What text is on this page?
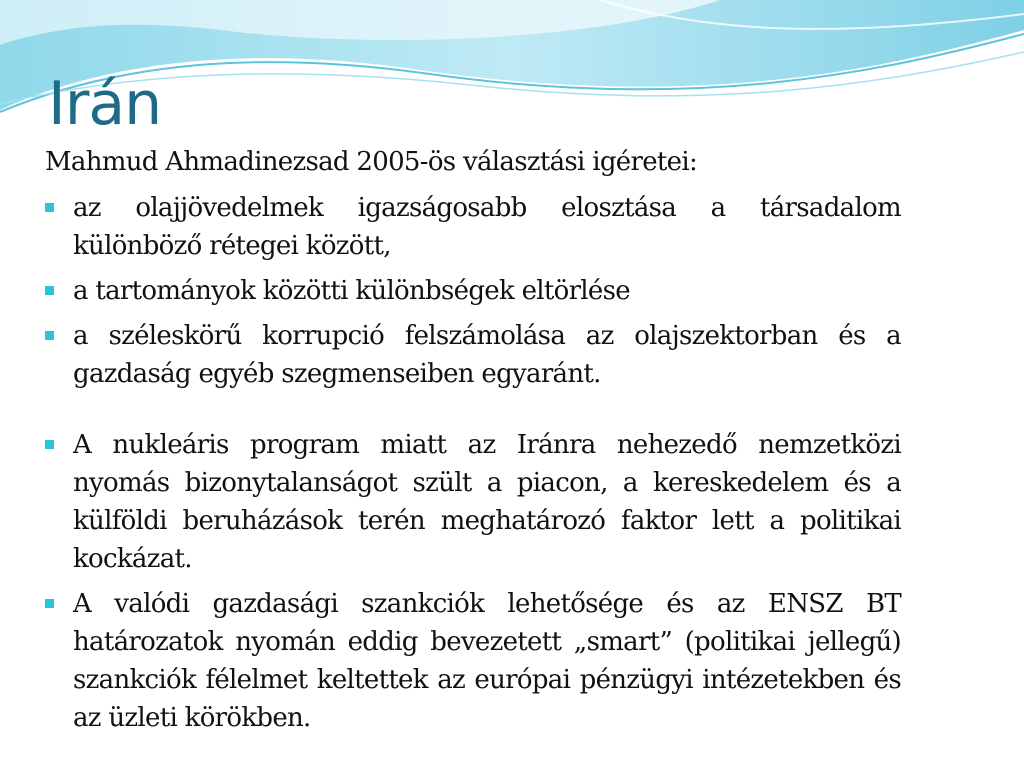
Irán

Mahmud Ahmadinezsad 2005-ös választási igéretei:

az olajjövedelmek igazságosabb elosztása a társadalom különböző rétegei között,
a tartományok közötti különbségek eltörlése
a széleskörű korrupció felszámolása az olajszektorban és a gazdaság egyéb szegmenseiben egyaránt.
A nukleáris program miatt az Iránra nehezedő nemzetközi nyomás bizonytalanságot szült a piacon, a kereskedelem és a külföldi beruházások terén meghatározó faktor lett a politikai kockázat.
A valódi gazdasági szankciók lehetősége és az ENSZ BT határozatok nyomán eddig bevezetett „smart” (politikai jellegű) szankciók félelmet keltettek az európai pénzügyi intézetekben és az üzleti körökben.
